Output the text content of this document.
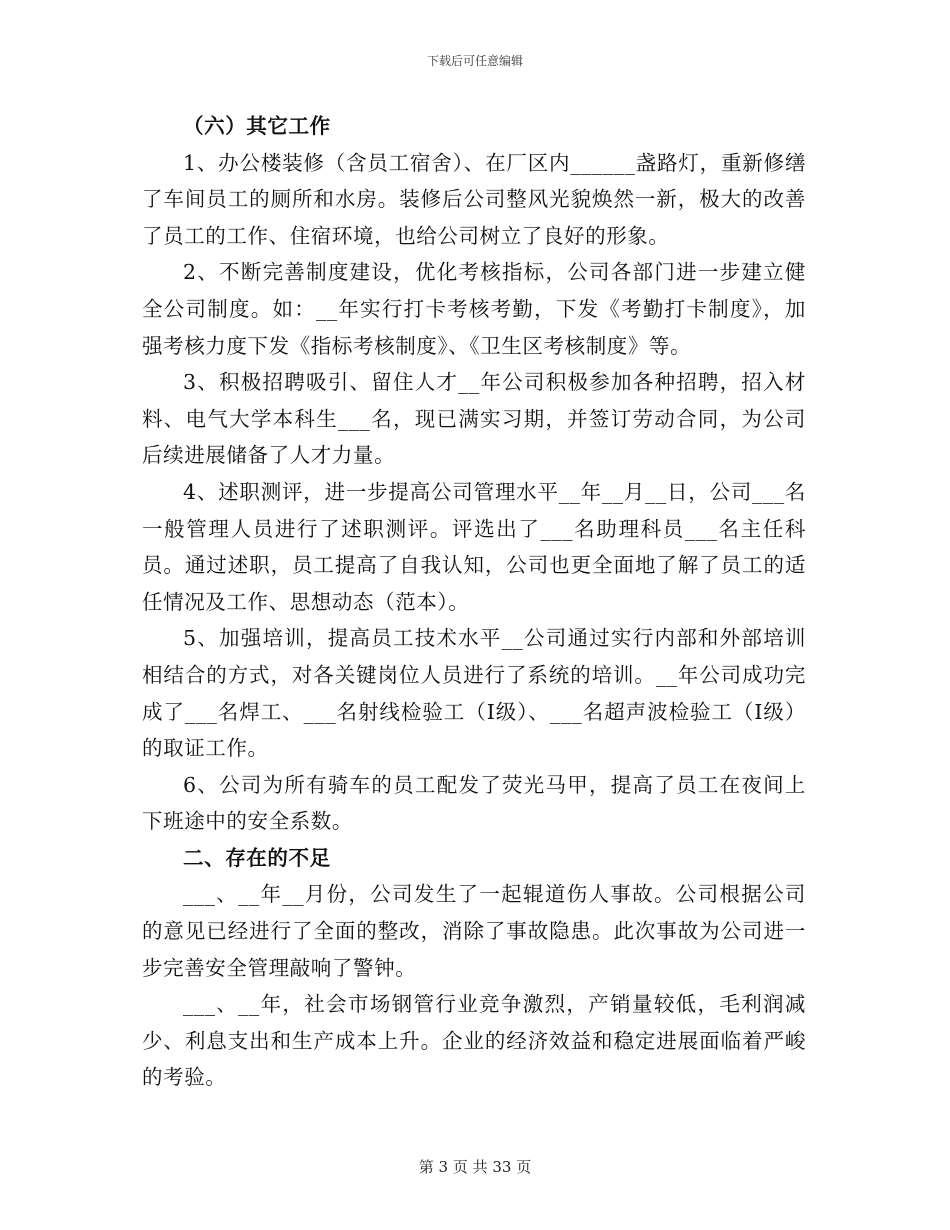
下载后可任意编辑

（六）其它工作

1、办公楼装修（含员工宿舍）、在厂区内______盏路灯，重新修缮了车间员工的厕所和水房。装修后公司整风光貌焕然一新，极大的改善了员工的工作、住宿环境，也给公司树立了良好的形象。

2、不断完善制度建设，优化考核指标，公司各部门进一步建立健全公司制度。如：__年实行打卡考核考勤，下发《考勤打卡制度》，加强考核力度下发《指标考核制度》、《卫生区考核制度》等。

3、积极招聘吸引、留住人才__年公司积极参加各种招聘，招入材料、电气大学本科生___名，现已满实习期，并签订劳动合同，为公司后续进展储备了人才力量。

4、述职测评，进一步提高公司管理水平__年__月__日，公司___名一般管理人员进行了述职测评。评选出了___名助理科员___名主任科员。通过述职，员工提高了自我认知，公司也更全面地了解了员工的适任情况及工作、思想动态（范本）。

5、加强培训，提高员工技术水平__公司通过实行内部和外部培训相结合的方式，对各关键岗位人员进行了系统的培训。__年公司成功完成了___名焊工、___名射线检验工（I级）、___名超声波检验工（I级）的取证工作。

6、公司为所有骑车的员工配发了荧光马甲，提高了员工在夜间上下班途中的安全系数。

二、存在的不足

___、__年__月份，公司发生了一起辊道伤人事故。公司根据公司的意见已经进行了全面的整改，消除了事故隐患。此次事故为公司进一步完善安全管理敲响了警钟。

___、__年，社会市场钢管行业竞争激烈，产销量较低，毛利润减少、利息支出和生产成本上升。企业的经济效益和稳定进展面临着严峻的考验。

第 3 页 共 33 页
